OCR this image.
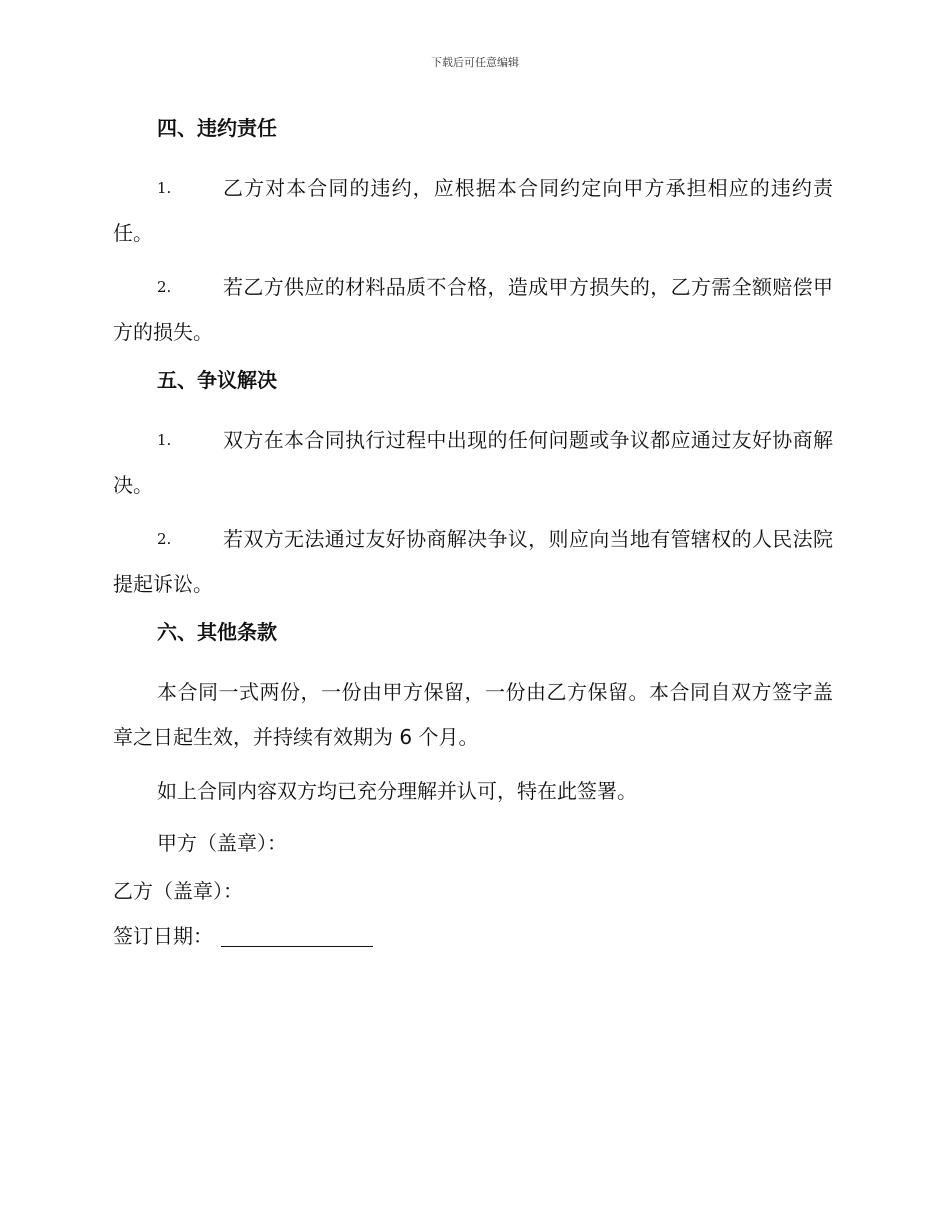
下载后可任意编辑
四、违约责任
1.	乙方对本合同的违约，应根据本合同约定向甲方承担相应的违约责任。
2.	若乙方供应的材料品质不合格，造成甲方损失的，乙方需全额赔偿甲方的损失。
五、争议解决
1.	双方在本合同执行过程中出现的任何问题或争议都应通过友好协商解决。
2.	若双方无法通过友好协商解决争议，则应向当地有管辖权的人民法院提起诉讼。
六、其他条款
本合同一式两份，一份由甲方保留，一份由乙方保留。本合同自双方签字盖章之日起生效，并持续有效期为 6 个月。
如上合同内容双方均已充分理解并认可，特在此签署。
甲方（盖章）：
乙方（盖章）：
签订日期：
